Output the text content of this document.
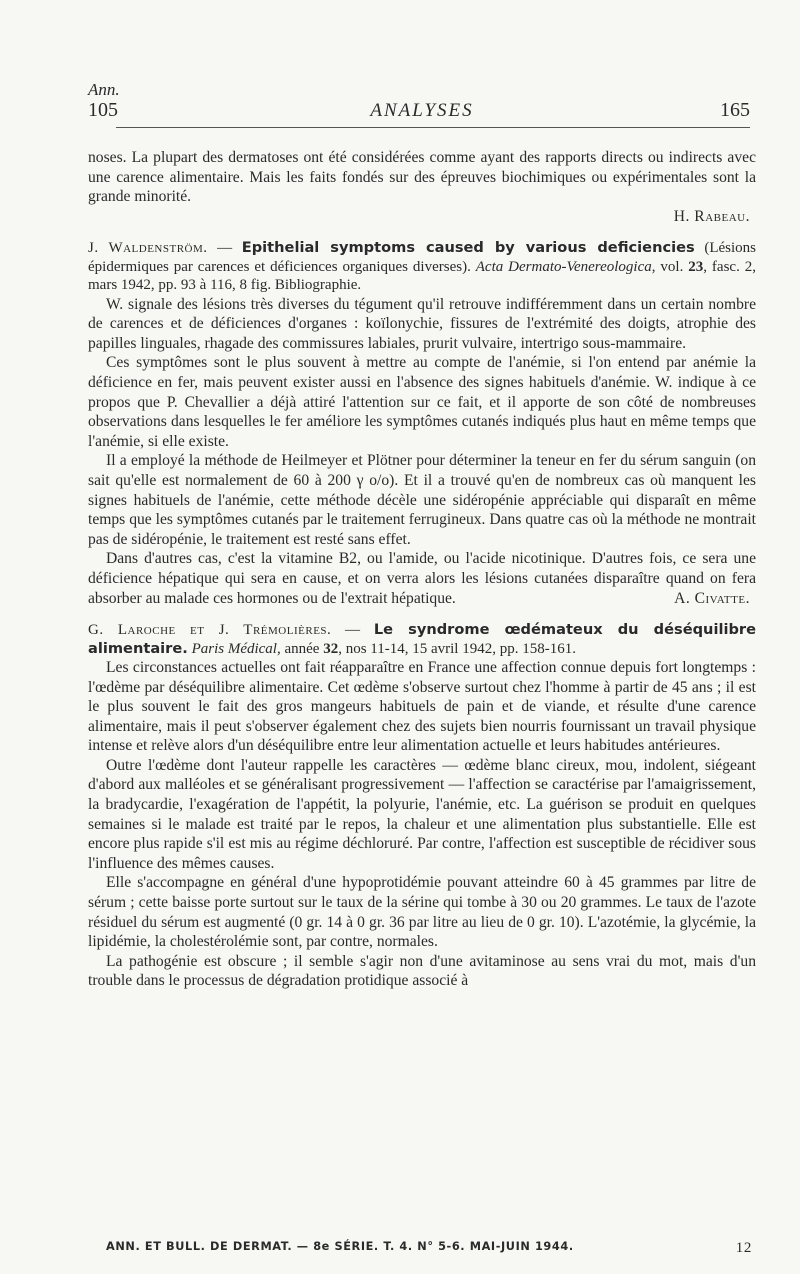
Ann.
105	ANALYSES	165

noses. La plupart des dermatoses ont été considérées comme ayant des rapports directs ou indirects avec une carence alimentaire. Mais les faits fondés sur des épreuves biochimiques ou expérimentales sont la grande minorité.

H. Rabeau.

J. Waldenström. — Epithelial symptoms caused by various deficiencies (Lésions épidermiques par carences et déficiences organiques diverses). Acta Dermato-Venereologica, vol. 23, fasc. 2, mars 1942, pp. 93 à 116, 8 fig. Bibliographie.

W. signale des lésions très diverses du tégument qu'il retrouve indifféremment dans un certain nombre de carences et de déficiences d'organes : koïlonychie, fissures de l'extrémité des doigts, atrophie des papilles linguales, rhagade des commissures labiales, prurit vulvaire, intertrigo sous-mammaire.

Ces symptômes sont le plus souvent à mettre au compte de l'anémie, si l'on entend par anémie la déficience en fer, mais peuvent exister aussi en l'absence des signes habituels d'anémie. W. indique à ce propos que P. Chevallier a déjà attiré l'attention sur ce fait, et il apporte de son côté de nombreuses observations dans lesquelles le fer améliore les symptômes cutanés indiqués plus haut en même temps que l'anémie, si elle existe.

Il a employé la méthode de Heilmeyer et Plötner pour déterminer la teneur en fer du sérum sanguin (on sait qu'elle est normalement de 60 à 200 γ o/o). Et il a trouvé qu'en de nombreux cas où manquent les signes habituels de l'anémie, cette méthode décèle une sidéropénie appréciable qui disparaît en même temps que les symptômes cutanés par le traitement ferrugineux. Dans quatre cas où la méthode ne montrait pas de sidéropénie, le traitement est resté sans effet.

Dans d'autres cas, c'est la vitamine B2, ou l'amide, ou l'acide nicotinique. D'autres fois, ce sera une déficience hépatique qui sera en cause, et on verra alors les lésions cutanées disparaître quand on fera absorber au malade ces hormones ou de l'extrait hépatique.	A. Civatte.

G. Laroche et J. Trémolières. — Le syndrome œdémateux du déséquilibre alimentaire. Paris Médical, année 32, nos 11-14, 15 avril 1942, pp. 158-161.

Les circonstances actuelles ont fait réapparaître en France une affection connue depuis fort longtemps : l'œdème par déséquilibre alimentaire. Cet œdème s'observe surtout chez l'homme à partir de 45 ans ; il est le plus souvent le fait des gros mangeurs habituels de pain et de viande, et résulte d'une carence alimentaire, mais il peut s'observer également chez des sujets bien nourris fournissant un travail physique intense et relève alors d'un déséquilibre entre leur alimentation actuelle et leurs habitudes antérieures.

Outre l'œdème dont l'auteur rappelle les caractères — œdème blanc cireux, mou, indolent, siégeant d'abord aux malléoles et se généralisant progressivement — l'affection se caractérise par l'amaigrissement, la bradycardie, l'exagération de l'appétit, la polyurie, l'anémie, etc. La guérison se produit en quelques semaines si le malade est traité par le repos, la chaleur et une alimentation plus substantielle. Elle est encore plus rapide s'il est mis au régime déchloruré. Par contre, l'affection est susceptible de récidiver sous l'influence des mêmes causes.

Elle s'accompagne en général d'une hypoprotidémie pouvant atteindre 60 à 45 grammes par litre de sérum ; cette baisse porte surtout sur le taux de la sérine qui tombe à 30 ou 20 grammes. Le taux de l'azote résiduel du sérum est augmenté (0 gr. 14 à 0 gr. 36 par litre au lieu de 0 gr. 10). L'azotémie, la glycémie, la lipidémie, la cholestérolémie sont, par contre, normales.

La pathogénie est obscure ; il semble s'agir non d'une avitaminose au sens vrai du mot, mais d'un trouble dans le processus de dégradation protidique associé à

ANN. ET BULL. DE DERMAT. — 8e SÉRIE. T. 4. N° 5-6. MAI-JUIN 1944.	12
